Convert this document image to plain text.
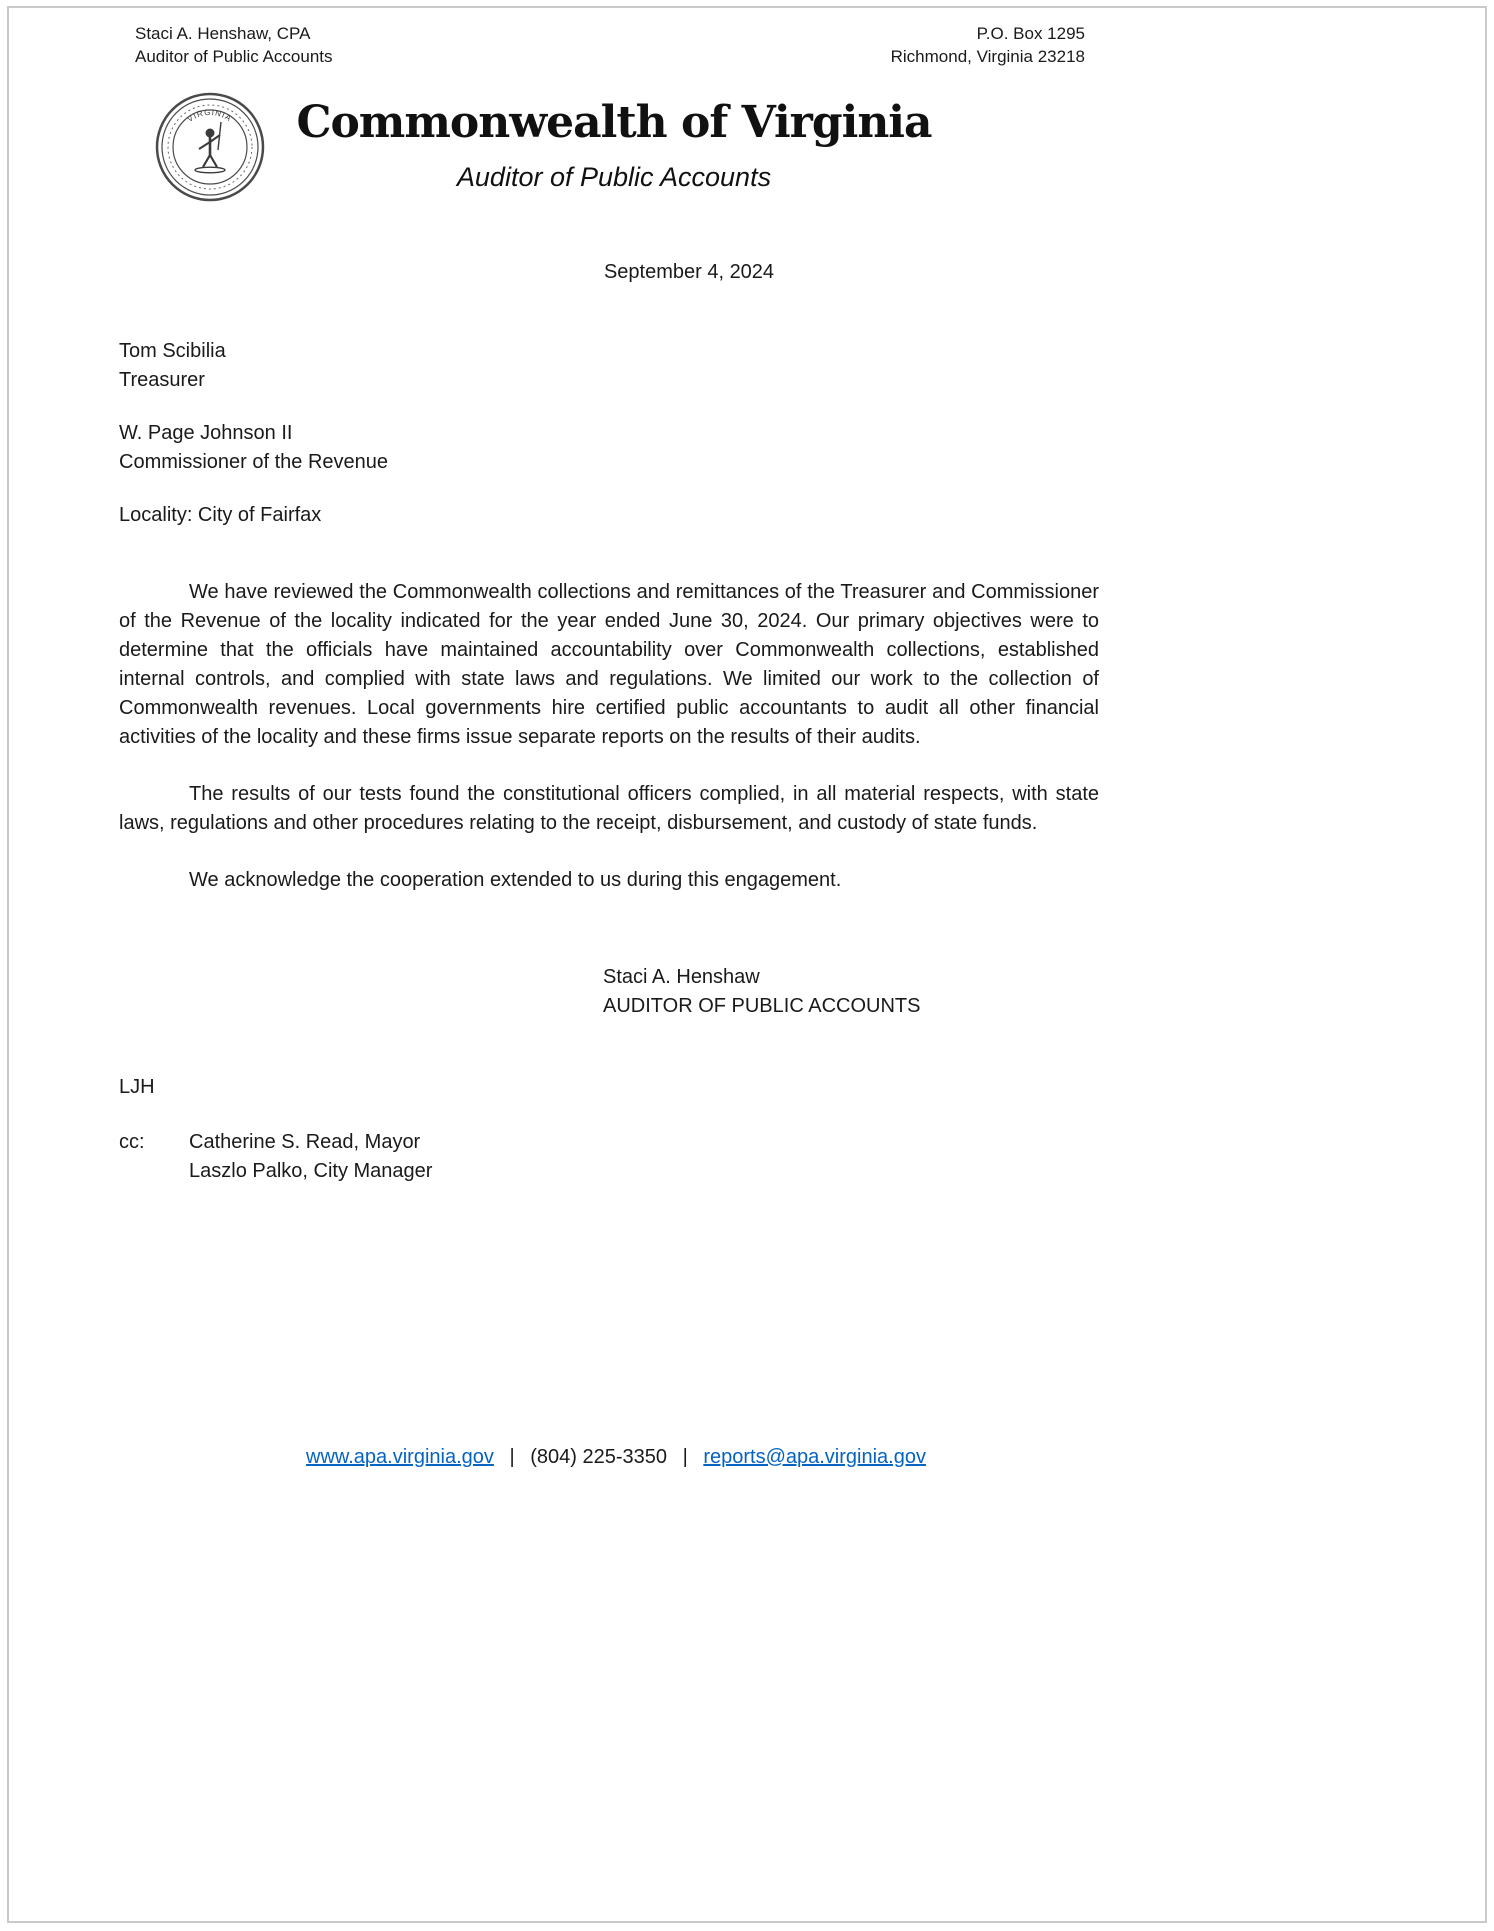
VIRGINIA	Commonwealth of Virginia
Auditor of Public Accounts
Staci A. Henshaw, CPA
Auditor of Public Accounts
P.O. Box 1295
Richmond, Virginia 23218
September 4, 2024
Tom Scibilia
Treasurer
W. Page Johnson II
Commissioner of the Revenue
Locality: City of Fairfax

We have reviewed the Commonwealth collections and remittances of the Treasurer and Commissioner of the Revenue of the locality indicated for the year ended June 30, 2024. Our primary objectives were to determine that the officials have maintained accountability over Commonwealth collections, established internal controls, and complied with state laws and regulations. We limited our work to the collection of Commonwealth revenues. Local governments hire certified public accountants to audit all other financial activities of the locality and these firms issue separate reports on the results of their audits.

The results of our tests found the constitutional officers complied, in all material respects, with state laws, regulations and other procedures relating to the receipt, disbursement, and custody of state funds.

We acknowledge the cooperation extended to us during this engagement.

Staci A. Henshaw
AUDITOR OF PUBLIC ACCOUNTS
LJH
cc:	Catherine S. Read, Mayor
Laszlo Palko, City Manager
www.apa.virginia.gov | (804) 225-3350 | reports@apa.virginia.gov
